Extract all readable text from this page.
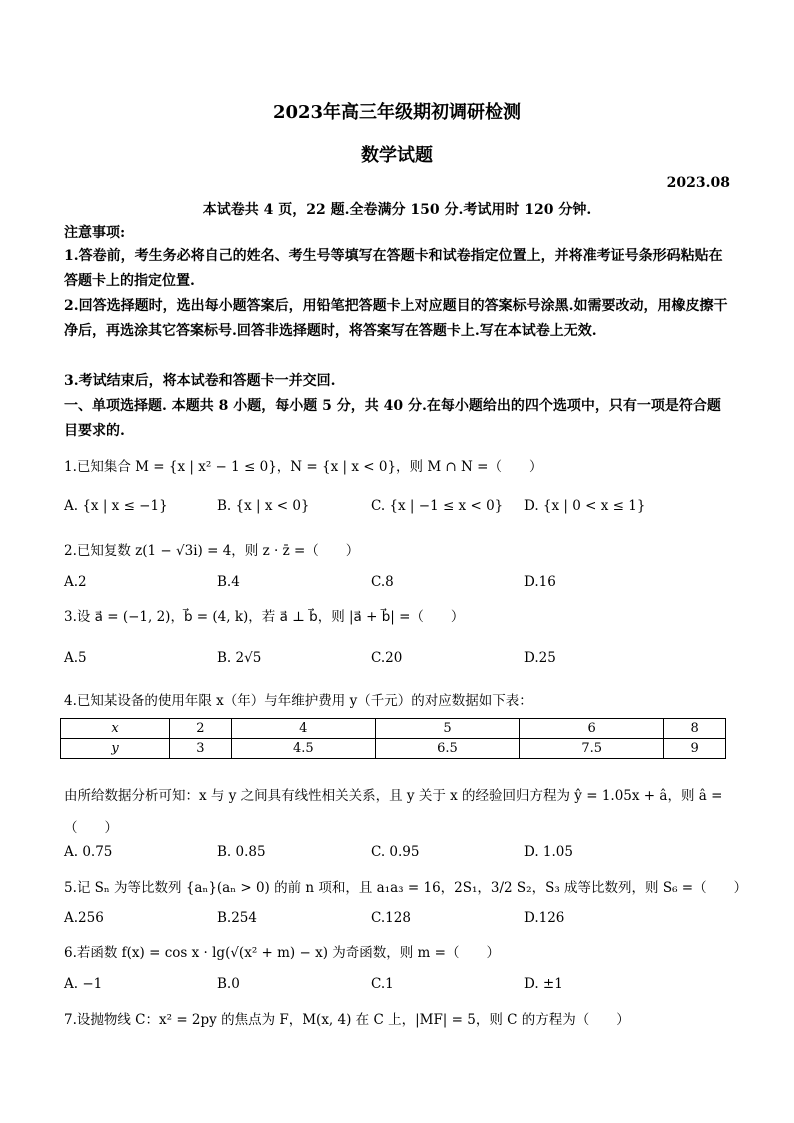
2023年高三年级期初调研检测
数学试题
2023.08
本试卷共 4 页，22 题.全卷满分 150 分.考试用时 120 分钟.
注意事项:
1.答卷前，考生务必将自己的姓名、考生号等填写在答题卡和试卷指定位置上，并将准考证号条形码粘贴在答题卡上的指定位置.
2.回答选择题时，选出每小题答案后，用铅笔把答题卡上对应题目的答案标号涂黑.如需要改动，用橡皮擦干净后，再选涂其它答案标号.回答非选择题时，将答案写在答题卡上.写在本试卷上无效.
3.考试结束后，将本试卷和答题卡一并交回.
一、单项选择题. 本题共 8 小题，每小题 5 分，共 40 分.在每小题给出的四个选项中，只有一项是符合题目要求的.
1.已知集合 M = {x | x² − 1 ≤ 0}，N = {x | x < 0}，则 M ∩ N =（　　）
A. {x | x ≤ −1}	B. {x | x < 0}	C. {x | −1 ≤ x < 0} D. {x | 0 < x ≤ 1}
2.已知复数 z(1 − √3i) = 4，则 z · z̄ =（　　）
A.2	B.4	C.8	D.16
3.设 a⃗ = (−1, 2)，b⃗ = (4, k)，若 a⃗ ⊥ b⃗，则 |a⃗ + b⃗| =（　　）
A.5	B. 2√5	C.20	D.25
4.已知某设备的使用年限 x（年）与年维护费用 y（千元）的对应数据如下表：
x	2	4	5	6	8
y	3	4.5	6.5	7.5	9
由所给数据分析可知：x 与 y 之间具有线性相关关系，且 y 关于 x 的经验回归方程为 ŷ = 1.05x + â，则 â =
（　　）
A. 0.75	B. 0.85	C. 0.95	D. 1.05
5.记 Sₙ 为等比数列 {aₙ}(aₙ > 0) 的前 n 项和，且 a₁a₃ = 16，2S₁，3/2 S₂，S₃ 成等比数列，则 S₆ =（　　）
A.256	B.254	C.128	D.126
6.若函数 f(x) = cos x · lg(√(x² + m) − x) 为奇函数，则 m =（　　）
A. −1	B.0	C.1	D. ±1
7.设抛物线 C：x² = 2py 的焦点为 F，M(x, 4) 在 C 上，|MF| = 5，则 C 的方程为（　　）
